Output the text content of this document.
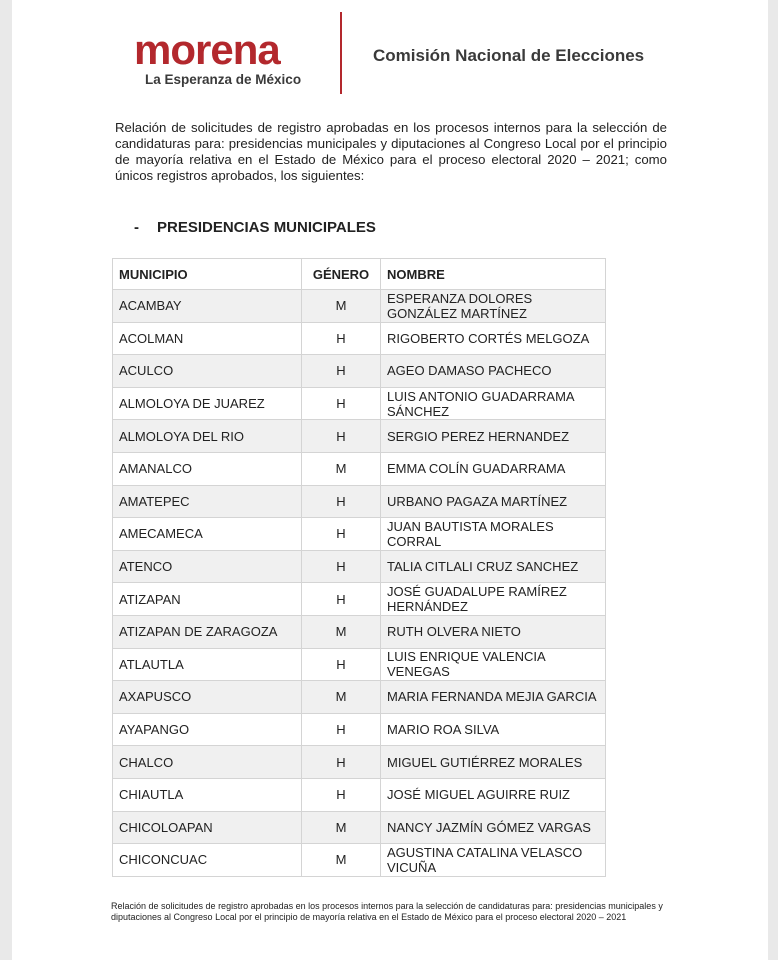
morena
La Esperanza de México
Comisión Nacional de Elecciones

Relación de solicitudes de registro aprobadas en los procesos internos para la selección de candidaturas para: presidencias municipales y diputaciones al Congreso Local por el principio de mayoría relativa en el Estado de México para el proceso electoral 2020 – 2021; como únicos registros aprobados, los siguientes:

- PRESIDENCIAS MUNICIPALES
MUNICIPIO	GÉNERO	NOMBRE
ACAMBAY	M	ESPERANZA DOLORES GONZÁLEZ MARTÍNEZ
ACOLMAN	H	RIGOBERTO CORTÉS MELGOZA
ACULCO	H	AGEO DAMASO PACHECO
ALMOLOYA DE JUAREZ	H	LUIS ANTONIO GUADARRAMA SÁNCHEZ
ALMOLOYA DEL RIO	H	SERGIO PEREZ HERNANDEZ
AMANALCO	M	EMMA COLÍN GUADARRAMA
AMATEPEC	H	URBANO PAGAZA MARTÍNEZ
AMECAMECA	H	JUAN BAUTISTA MORALES CORRAL
ATENCO	H	TALIA CITLALI CRUZ SANCHEZ
ATIZAPAN	H	JOSÉ GUADALUPE RAMÍREZ HERNÁNDEZ
ATIZAPAN DE ZARAGOZA	M	RUTH OLVERA NIETO
ATLAUTLA	H	LUIS ENRIQUE VALENCIA VENEGAS
AXAPUSCO	M	MARIA FERNANDA MEJIA GARCIA
AYAPANGO	H	MARIO ROA SILVA
CHALCO	H	MIGUEL GUTIÉRREZ MORALES
CHIAUTLA	H	JOSÉ MIGUEL AGUIRRE RUIZ
CHICOLOAPAN	M	NANCY JAZMÍN GÓMEZ VARGAS
CHICONCUAC	M	AGUSTINA CATALINA VELASCO VICUÑA

Relación de solicitudes de registro aprobadas en los procesos internos para la selección de candidaturas para: presidencias municipales y diputaciones al Congreso Local por el principio de mayoría relativa en el Estado de México para el proceso electoral 2020 – 2021
